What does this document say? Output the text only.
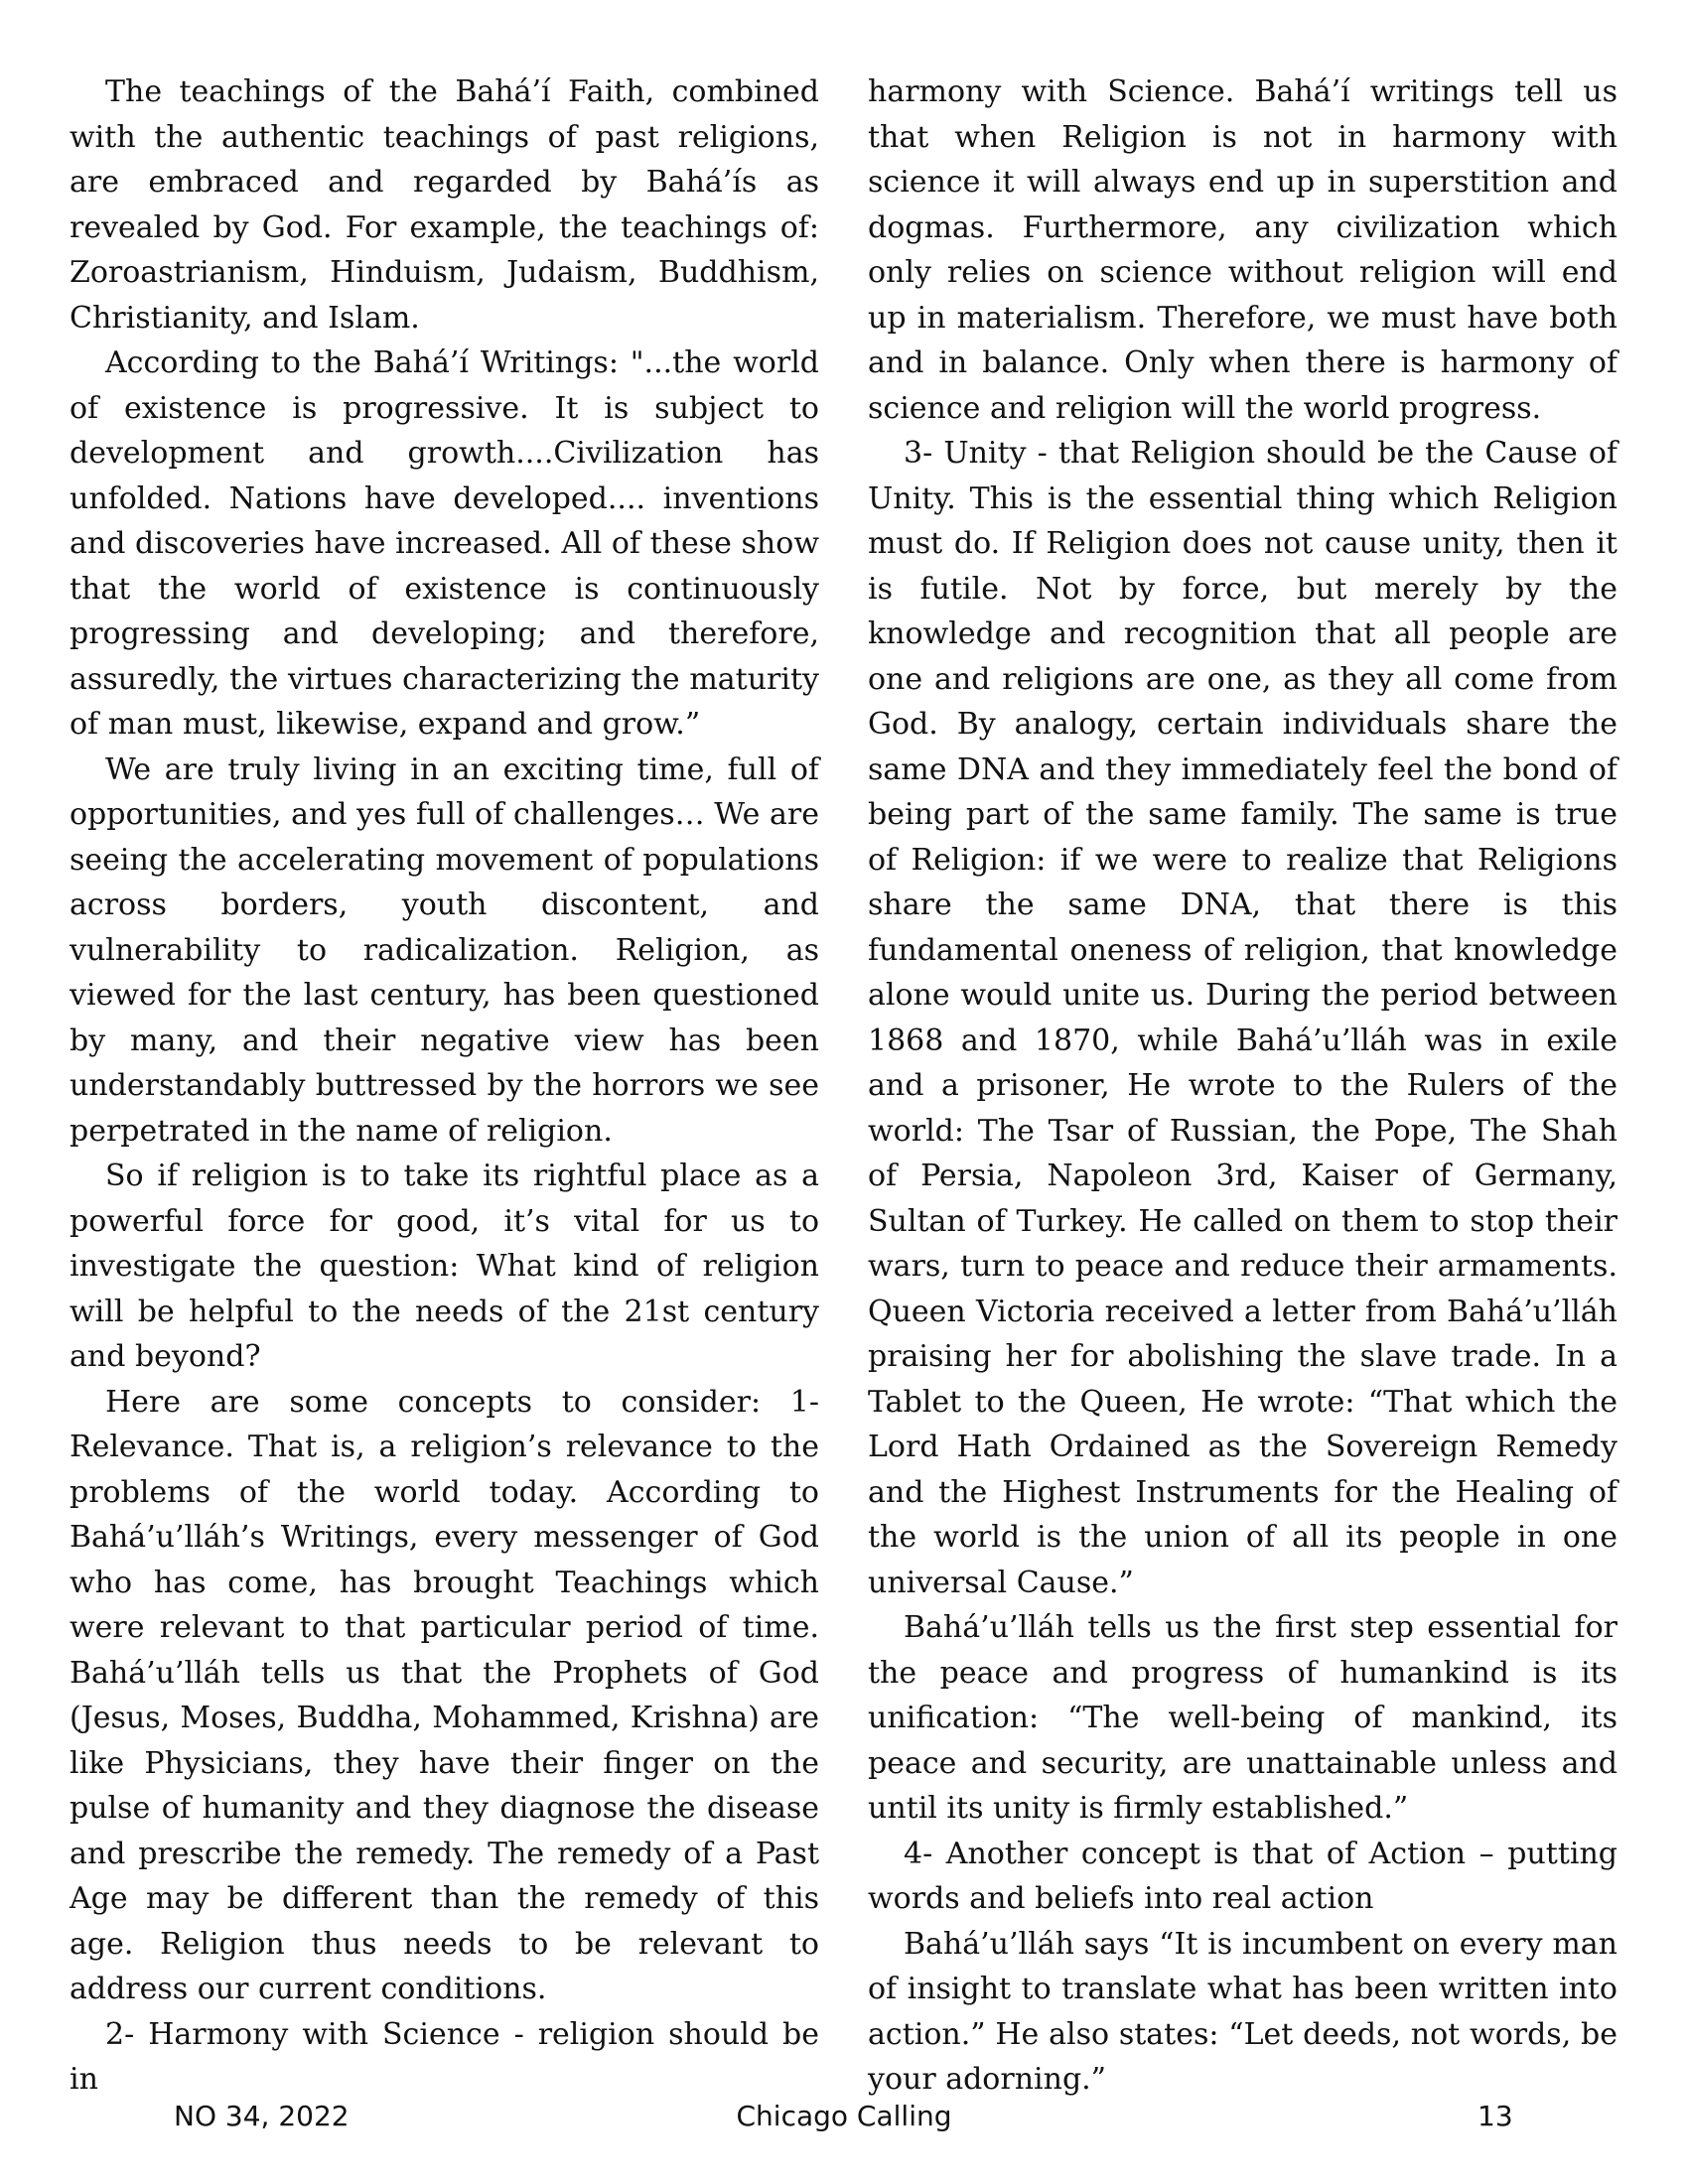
The teachings of the Bahá’í Faith, combined with the authentic teachings of past religions, are embraced and regarded by Bahá’ís as revealed by God. For example, the teachings of: Zoroastrianism, Hinduism, Judaism, Buddhism, Christianity, and Islam.

According to the Bahá’í Writings: "...the world of existence is progressive. It is subject to development and growth....Civilization has unfolded. Nations have developed.... inventions and discoveries have increased. All of these show that the world of existence is continuously progressing and developing; and therefore, assuredly, the virtues characterizing the maturity of man must, likewise, expand and grow.”

We are truly living in an exciting time, full of opportunities, and yes full of challenges… We are seeing the accelerating movement of populations across borders, youth discontent, and vulnerability to radicalization. Religion, as viewed for the last century, has been questioned by many, and their negative view has been understandably buttressed by the horrors we see perpetrated in the name of religion.

So if religion is to take its rightful place as a powerful force for good, it’s vital for us to investigate the question: What kind of religion will be helpful to the needs of the 21st century and beyond?

Here are some concepts to consider: 1- Relevance. That is, a religion’s relevance to the problems of the world today. According to Bahá’u’lláh’s Writings, every messenger of God who has come, has brought Teachings which were relevant to that particular period of time. Bahá’u’lláh tells us that the Prophets of God (Jesus, Moses, Buddha, Mohammed, Krishna) are like Physicians, they have their finger on the pulse of humanity and they diagnose the disease and prescribe the remedy. The remedy of a Past Age may be different than the remedy of this age. Religion thus needs to be relevant to address our current conditions.

2- Harmony with Science - religion should be in

harmony with Science. Bahá’í writings tell us that when Religion is not in harmony with science it will always end up in superstition and dogmas. Furthermore, any civilization which only relies on science without religion will end up in materialism. Therefore, we must have both and in balance. Only when there is harmony of science and religion will the world progress.

3- Unity - that Religion should be the Cause of Unity. This is the essential thing which Religion must do. If Religion does not cause unity, then it is futile. Not by force, but merely by the knowledge and recognition that all people are one and religions are one, as they all come from God. By analogy, certain individuals share the same DNA and they immediately feel the bond of being part of the same family. The same is true of Religion: if we were to realize that Religions share the same DNA, that there is this fundamental oneness of religion, that knowledge alone would unite us. During the period between 1868 and 1870, while Bahá’u’lláh was in exile and a prisoner, He wrote to the Rulers of the world: The Tsar of Russian, the Pope, The Shah of Persia, Napoleon 3rd, Kaiser of Germany, Sultan of Turkey. He called on them to stop their wars, turn to peace and reduce their armaments. Queen Victoria received a letter from Bahá’u’lláh praising her for abolishing the slave trade. In a Tablet to the Queen, He wrote: “That which the Lord Hath Ordained as the Sovereign Remedy and the Highest Instruments for the Healing of the world is the union of all its people in one universal Cause.”

Bahá’u’lláh tells us the first step essential for the peace and progress of humankind is its unification: “The well-being of mankind, its peace and security, are unattainable unless and until its unity is firmly established.”

4- Another concept is that of Action – putting words and beliefs into real action

Bahá’u’lláh says “It is incumbent on every man of insight to translate what has been written into action.” He also states: “Let deeds, not words, be your adorning.”

NO 34, 2022	Chicago Calling	13
